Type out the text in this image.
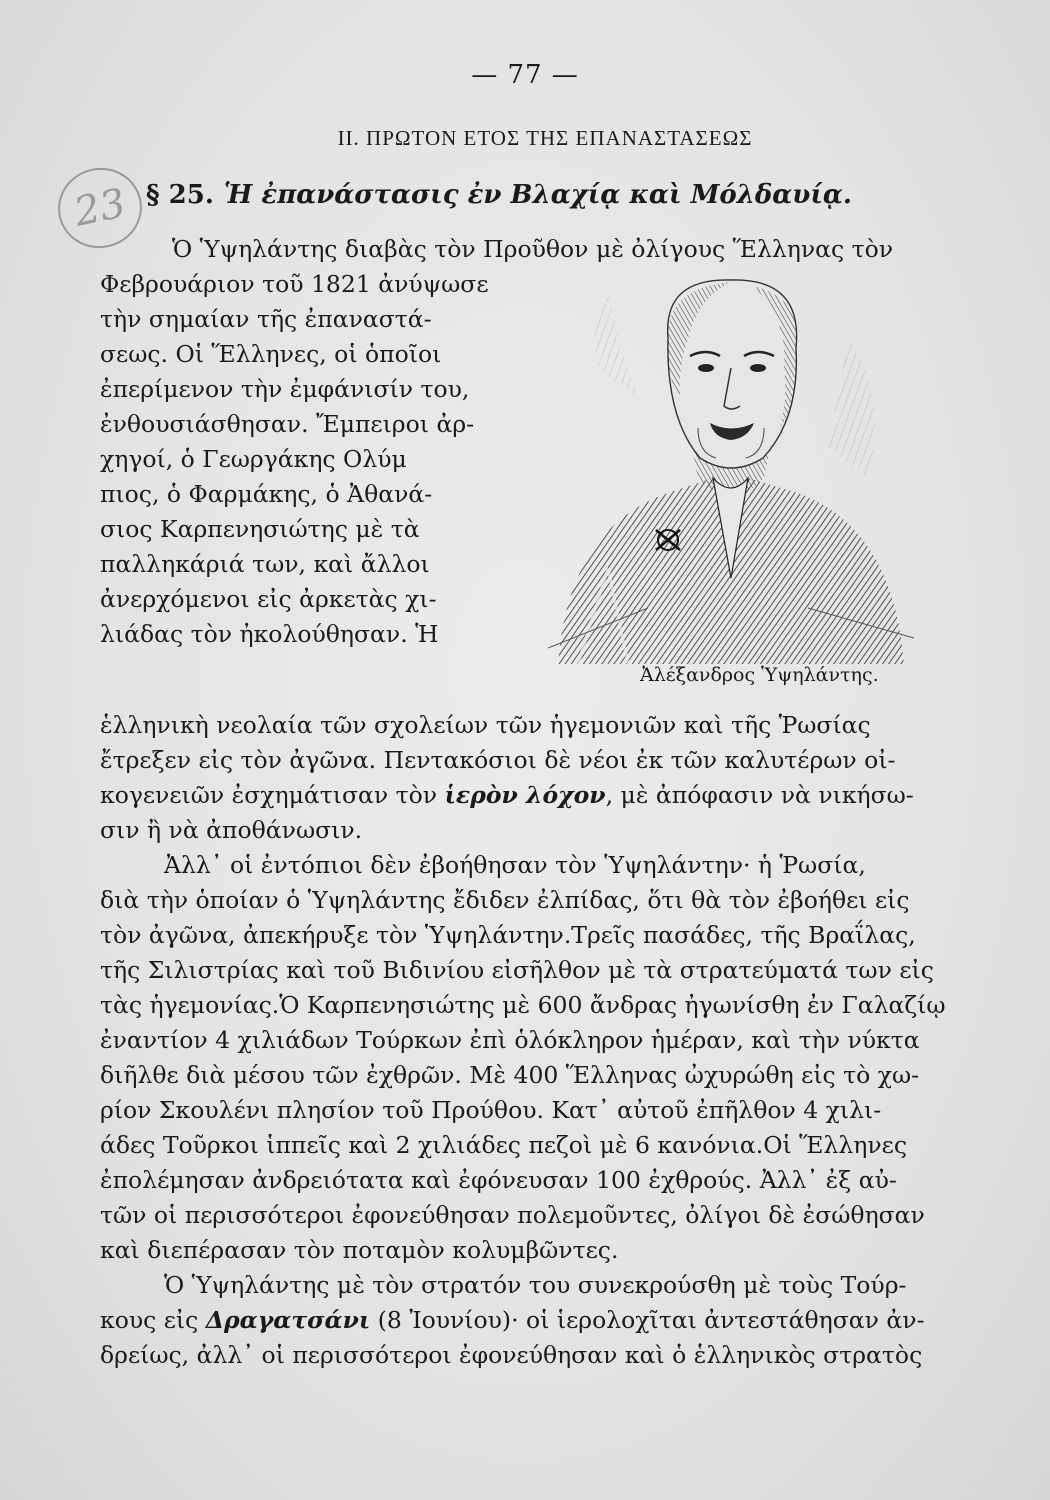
— 77 —
II. ΠΡΩΤΟΝ ΕΤΟΣ ΤΗΣ ΕΠΑΝΑΣΤΑΣΕΩΣ
23 § 25. Ἡ ἐπανάστασις ἐν Βλαχίᾳ καὶ Μόλδαυίᾳ.
Ὁ Ὑψηλάντης διαβὰς τὸν Προῦθον μὲ ὀλίγους Ἕλληνας τὸν
Φεβρουάριον τοῦ 1821 ἀνύψωσε
τὴν σημαίαν τῆς ἐπαναστά-
σεως. Οἱ Ἕλληνες, οἱ ὁποῖοι
ἐπερίμενον τὴν ἐμφάνισίν του,
ἐνθουσιάσθησαν. Ἔμπειροι ἀρ-
χηγοί, ὁ Γεωργάκης Ολύμ
πιος, ὁ Φαρμάκης, ὁ Ἀθανά-
σιος Καρπενησιώτης μὲ τὰ
παλληκάριά των, καὶ ἄλλοι
ἀνερχόμενοι εἰς ἀρκετὰς χι-
λιάδας τὸν ἠκολούθησαν. Ἡ
Ἀλέξανδρος Ὑψηλάντης.
ἑλληνικὴ νεολαία τῶν σχολείων τῶν ἡγεμονιῶν καὶ τῆς Ῥωσίας
ἔτρεξεν εἰς τὸν ἀγῶνα. Πεντακόσιοι δὲ νέοι ἐκ τῶν καλυτέρων οἰ-
κογενειῶν ἐσχημάτισαν τὸν ἱερὸν λόχον, μὲ ἀπόφασιν νὰ νικήσω-
σιν ἢ νὰ ἀποθάνωσιν.
Ἀλλ᾽ οἱ ἐντόπιοι δὲν ἐβοήθησαν τὸν Ὑψηλάντην· ἡ Ῥωσία,
διὰ τὴν ὁποίαν ὁ Ὑψηλάντης ἔδιδεν ἐλπίδας, ὅτι θὰ τὸν ἐβοήθει εἰς
τὸν ἀγῶνα, ἀπεκήρυξε τὸν Ὑψηλάντην.Τρεῖς πασάδες, τῆς Βραΐλας,
τῆς Σιλιστρίας καὶ τοῦ Βιδινίου εἰσῆλθον μὲ τὰ στρατεύματά των εἰς
τὰς ἡγεμονίας.Ὁ Καρπενησιώτης μὲ 600 ἄνδρας ἠγωνίσθη ἐν Γαλαζίῳ
ἐναντίον 4 χιλιάδων Τούρκων ἐπὶ ὁλόκληρον ἡμέραν, καὶ τὴν νύκτα
διῆλθε διὰ μέσου τῶν ἐχθρῶν. Μὲ 400 Ἕλληνας ὠχυρώθη εἰς τὸ χω-
ρίον Σκουλένι πλησίον τοῦ Προύθου. Κατ᾽ αὐτοῦ ἐπῆλθον 4 χιλι-
άδες Τοῦρκοι ἱππεῖς καὶ 2 χιλιάδες πεζοὶ μὲ 6 κανόνια.Οἱ Ἕλληνες
ἐπολέμησαν ἀνδρειότατα καὶ ἐφόνευσαν 100 ἐχθρούς. Ἀλλ᾽ ἐξ αὐ-
τῶν οἱ περισσότεροι ἐφονεύθησαν πολεμοῦντες, ὀλίγοι δὲ ἐσώθησαν
καὶ διεπέρασαν τὸν ποταμὸν κολυμβῶντες.
Ὁ Ὑψηλάντης μὲ τὸν στρατόν του συνεκρούσθη μὲ τοὺς Τούρ-
κους εἰς Δραγατσάνι (8 Ἰουνίου)· οἱ ἱερολοχῖται ἀντεστάθησαν ἀν-
δρείως, ἀλλ᾽ οἱ περισσότεροι ἐφονεύθησαν καὶ ὁ ἑλληνικὸς στρατὸς
